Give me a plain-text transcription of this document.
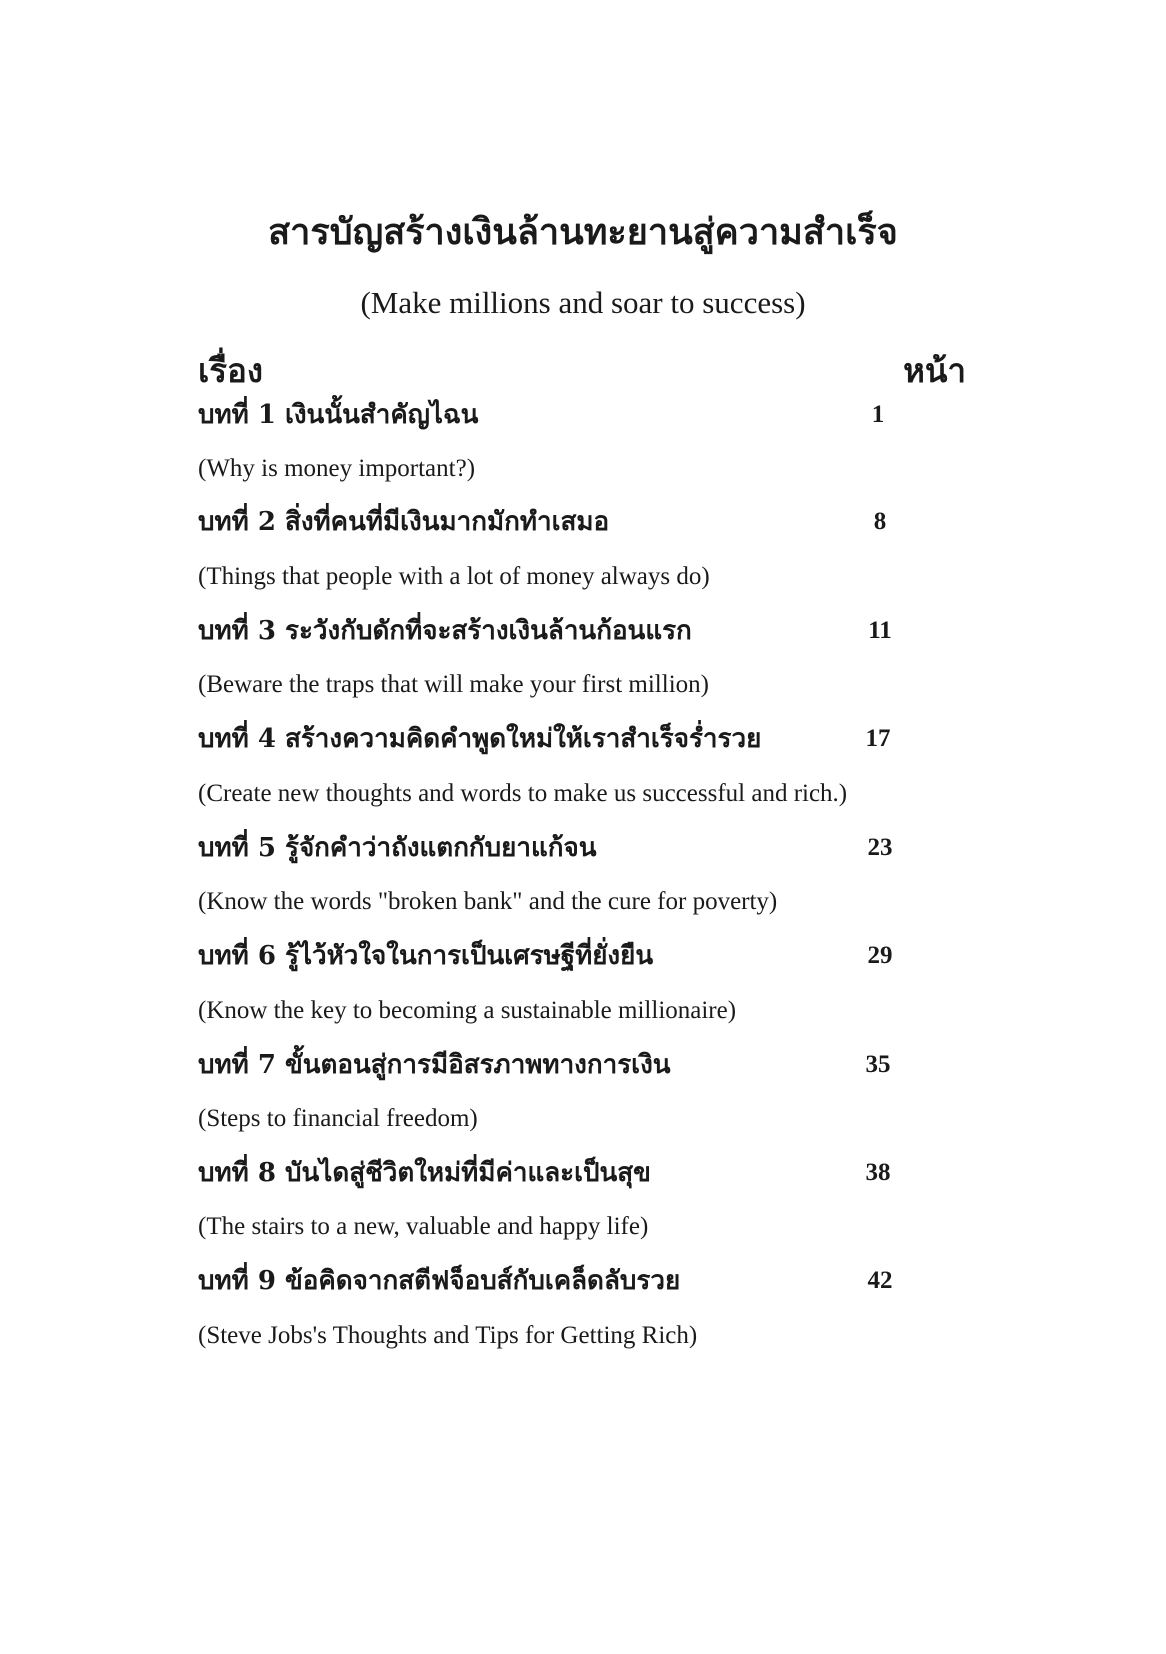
สารบัญสร้างเงินล้านทะยานสู่ความสำเร็จ
(Make millions and soar to success)
เรื่อง	หน้า
บทที่ 1 เงินนั้นสำคัญไฉน	1
(Why is money important?)
บทที่ 2 สิ่งที่คนที่มีเงินมากมักทำเสมอ	8
(Things that people with a lot of money always do)
บทที่ 3 ระวังกับดักที่จะสร้างเงินล้านก้อนแรก	11
(Beware the traps that will make your first million)
บทที่ 4 สร้างความคิดคำพูดใหม่ให้เราสำเร็จร่ำรวย	17
(Create new thoughts and words to make us successful and rich.)
บทที่ 5 รู้จักคำว่าถังแตกกับยาแก้จน	23
(Know the words "broken bank" and the cure for poverty)
บทที่ 6 รู้ไว้หัวใจในการเป็นเศรษฐีที่ยั่งยืน	29
(Know the key to becoming a sustainable millionaire)
บทที่ 7 ขั้นตอนสู่การมีอิสรภาพทางการเงิน	35
(Steps to financial freedom)
บทที่ 8 บันไดสู่ชีวิตใหม่ที่มีค่าและเป็นสุข	38
(The stairs to a new, valuable and happy life)
บทที่ 9 ข้อคิดจากสตีฟจ็อบส์กับเคล็ดลับรวย	42
(Steve Jobs's Thoughts and Tips for Getting Rich)
